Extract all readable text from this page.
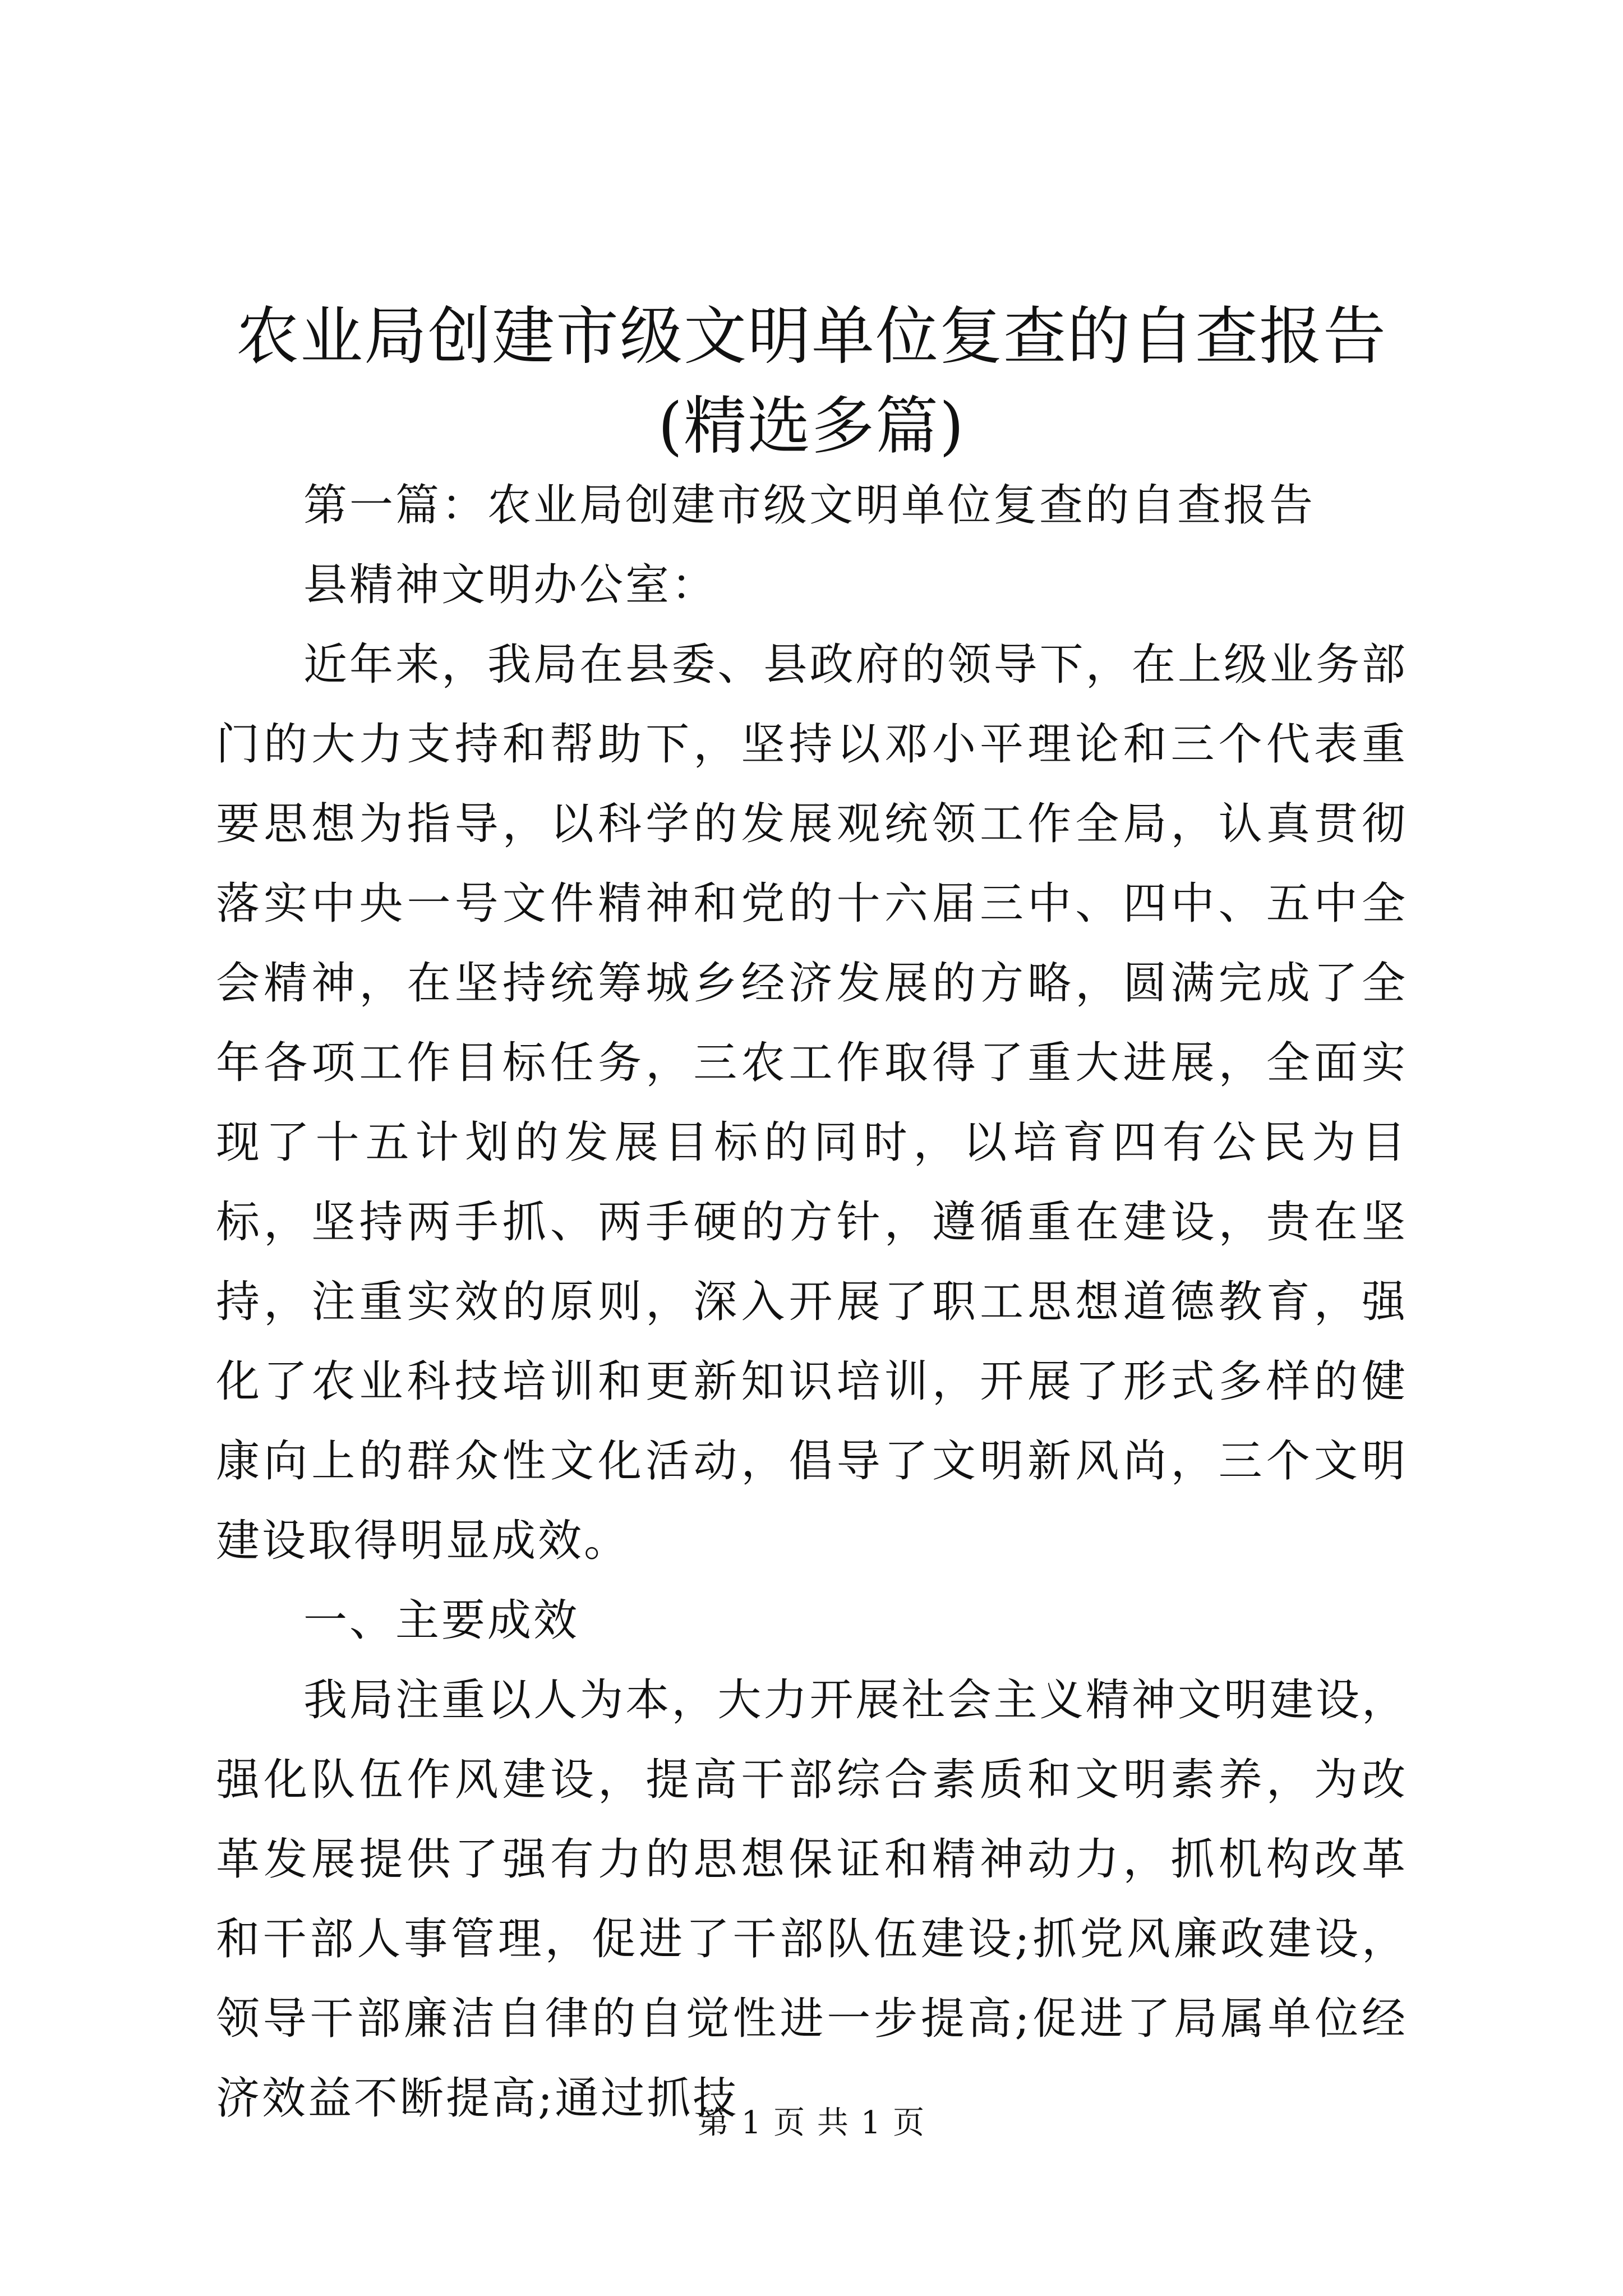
农业局创建市级文明单位复查的自查报告(精选多篇)

第一篇：农业局创建市级文明单位复查的自查报告

县精神文明办公室：

近年来，我局在县委、县政府的领导下，在上级业务部门的大力支持和帮助下，坚持以邓小平理论和三个代表重要思想为指导，以科学的发展观统领工作全局，认真贯彻落实中央一号文件精神和党的十六届三中、四中、五中全会精神，在坚持统筹城乡经济发展的方略，圆满完成了全年各项工作目标任务，三农工作取得了重大进展，全面实现了十五计划的发展目标的同时，以培育四有公民为目标，坚持两手抓、两手硬的方针，遵循重在建设，贵在坚持，注重实效的原则，深入开展了职工思想道德教育，强化了农业科技培训和更新知识培训，开展了形式多样的健康向上的群众性文化活动，倡导了文明新风尚，三个文明建设取得明显成效。

一、主要成效

我局注重以人为本，大力开展社会主义精神文明建设，强化队伍作风建设，提高干部综合素质和文明素养，为改革发展提供了强有力的思想保证和精神动力，抓机构改革和干部人事管理，促进了干部队伍建设;抓党风廉政建设，领导干部廉洁自律的自觉性进一步提高;促进了局属单位经济效益不断提高;通过抓技

第 1 页 共 1 页
